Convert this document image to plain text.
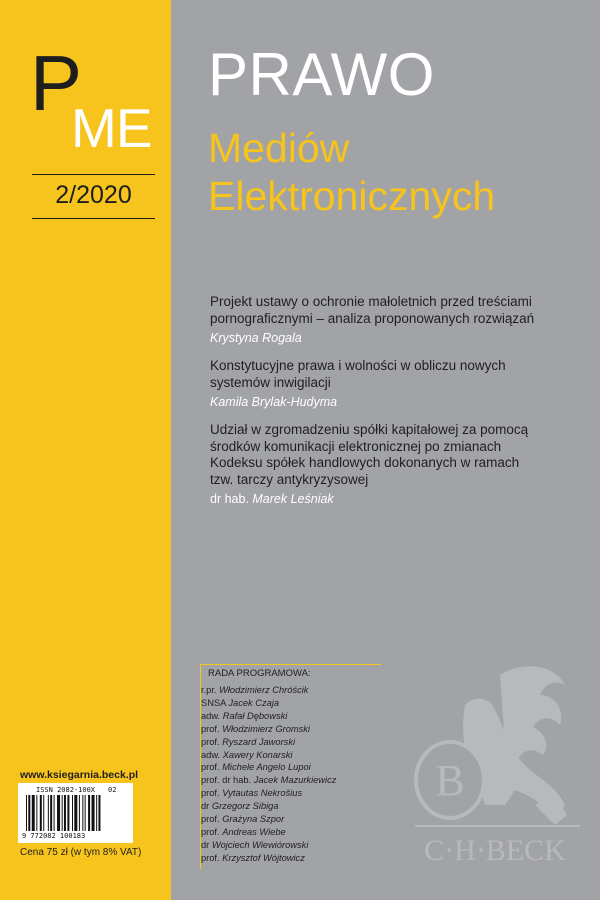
P
ME
2/2020
PRAWO
Mediów
Elektronicznych
Projekt ustawy o ochronie małoletnich przed treściami
pornograficznymi – analiza proponowanych rozwiązań
Krystyna Rogala
Konstytucyjne prawa i wolności w obliczu nowych
systemów inwigilacji
Kamila Brylak-Hudyma
Udział w zgromadzeniu spółki kapitałowej za pomocą
środków komunikacji elektronicznej po zmianach
Kodeksu spółek handlowych dokonanych w ramach
tzw. tarczy antykryzysowej
dr hab. Marek Leśniak
RADA PROGRAMOWA:
r.pr. Włodzimierz Chróścik
SNSA Jacek Czaja
adw. Rafał Dębowski
prof. Włodzimierz Gromski
prof. Ryszard Jaworski
adw. Xawery Konarski
prof. Michele Angelo Lupoi
prof. dr hab. Jacek Mazurkiewicz
prof. Vytautas Nekrošius
dr Grzegorz Sibiga
prof. Grażyna Szpor
prof. Andreas Wiebe
dr Wojciech Wiewiórowski
prof. Krzysztof Wójtowicz
www.ksiegarnia.beck.pl
ISSN 2082-100X 02
9 772082 100183
Cena 75 zł (w tym 8% VAT)
B
C·H·BECK
